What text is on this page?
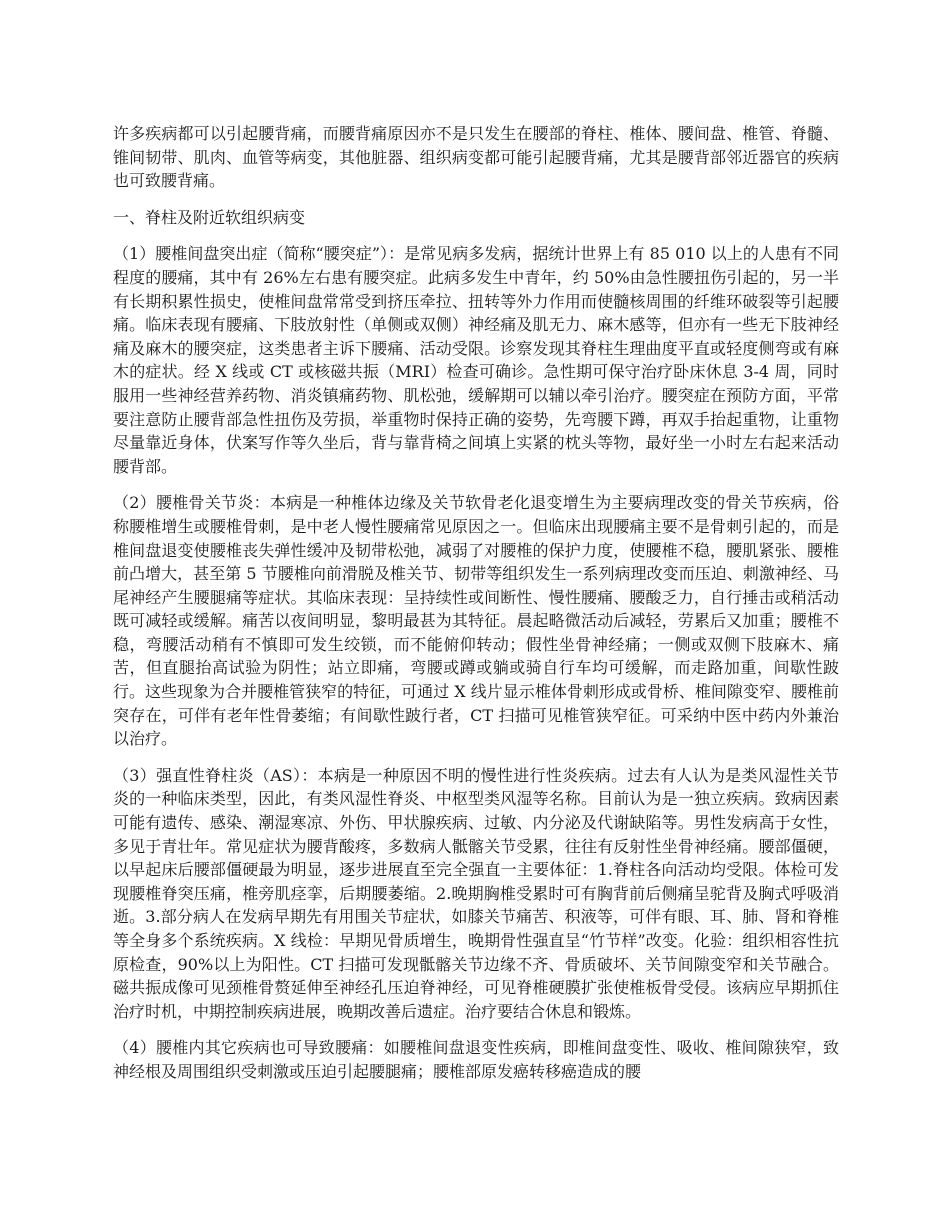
许多疾病都可以引起腰背痛，而腰背痛原因亦不是只发生在腰部的脊柱、椎体、腰间盘、椎管、脊髓、锥间韧带、肌肉、血管等病变，其他脏器、组织病变都可能引起腰背痛，尤其是腰背部邻近器官的疾病也可致腰背痛。

一、脊柱及附近软组织病变

（1）腰椎间盘突出症（简称“腰突症”）：是常见病多发病，据统计世界上有 85 010 以上的人患有不同程度的腰痛，其中有 26%左右患有腰突症。此病多发生中青年，约 50%由急性腰扭伤引起的，另一半有长期积累性损史，使椎间盘常常受到挤压牵拉、扭转等外力作用而使髓核周围的纤维环破裂等引起腰痛。临床表现有腰痛、下肢放射性（单侧或双侧）神经痛及肌无力、麻木感等，但亦有一些无下肢神经痛及麻木的腰突症，这类患者主诉下腰痛、活动受限。诊察发现其脊柱生理曲度平直或轻度侧弯或有麻木的症状。经 X 线或 CT 或核磁共振（MRI）检查可确诊。急性期可保守治疗卧床休息 3-4 周，同时服用一些神经营养药物、消炎镇痛药物、肌松弛，缓解期可以辅以牵引治疗。腰突症在预防方面，平常要注意防止腰背部急性扭伤及劳损，举重物时保持正确的姿势，先弯腰下蹲，再双手抬起重物，让重物尽量靠近身体，伏案写作等久坐后，背与靠背椅之间填上实紧的枕头等物，最好坐一小时左右起来活动腰背部。

（2）腰椎骨关节炎：本病是一种椎体边缘及关节软骨老化退变增生为主要病理改变的骨关节疾病，俗称腰椎增生或腰椎骨刺，是中老人慢性腰痛常见原因之一。但临床出现腰痛主要不是骨刺引起的，而是椎间盘退变使腰椎丧失弹性缓冲及韧带松弛，减弱了对腰椎的保护力度，使腰椎不稳，腰肌紧张、腰椎前凸增大，甚至第 5 节腰椎向前滑脱及椎关节、韧带等组织发生一系列病理改变而压迫、刺激神经、马尾神经产生腰腿痛等症状。其临床表现：呈持续性或间断性、慢性腰痛、腰酸乏力，自行捶击或稍活动既可减轻或缓解。痛苦以夜间明显，黎明最甚为其特征。晨起略微活动后减轻，劳累后又加重；腰椎不稳，弯腰活动稍有不慎即可发生绞锁，而不能俯仰转动；假性坐骨神经痛；一侧或双侧下肢麻木、痛苦，但直腿抬高试验为阴性；站立即痛，弯腰或蹲或躺或骑自行车均可缓解，而走路加重，间歇性跛行。这些现象为合并腰椎管狭窄的特征，可通过 X 线片显示椎体骨刺形成或骨桥、椎间隙变窄、腰椎前突存在，可伴有老年性骨萎缩；有间歇性跛行者，CT 扫描可见椎管狭窄征。可采纳中医中药内外兼治以治疗。

（3）强直性脊柱炎（AS）：本病是一种原因不明的慢性进行性炎疾病。过去有人认为是类风湿性关节炎的一种临床类型，因此，有类风湿性脊炎、中枢型类风湿等名称。目前认为是一独立疾病。致病因素可能有遗传、感染、潮湿寒凉、外伤、甲状腺疾病、过敏、内分泌及代谢缺陷等。男性发病高于女性，多见于青壮年。常见症状为腰背酸疼，多数病人骶髂关节受累，往往有反射性坐骨神经痛。腰部僵硬，以早起床后腰部僵硬最为明显，逐步进展直至完全强直一主要体征：1.脊柱各向活动均受限。体检可发现腰椎脊突压痛，椎旁肌痉挛，后期腰萎缩。2.晚期胸椎受累时可有胸背前后侧痛呈驼背及胸式呼吸消逝。3.部分病人在发病早期先有用围关节症状，如膝关节痛苦、积液等，可伴有眼、耳、肺、肾和脊椎等全身多个系统疾病。X 线检：早期见骨质增生，晚期骨性强直呈“竹节样”改变。化验：组织相容性抗原检查，90%以上为阳性。CT 扫描可发现骶髂关节边缘不齐、骨质破坏、关节间隙变窄和关节融合。磁共振成像可见颈椎骨赘延伸至神经孔压迫脊神经，可见脊椎硬膜扩张使椎板骨受侵。该病应早期抓住治疗时机，中期控制疾病进展，晚期改善后遗症。治疗要结合休息和锻炼。

（4）腰椎内其它疾病也可导致腰痛：如腰椎间盘退变性疾病，即椎间盘变性、吸收、椎间隙狭窄，致神经根及周围组织受刺激或压迫引起腰腿痛；腰椎部原发癌转移癌造成的腰
